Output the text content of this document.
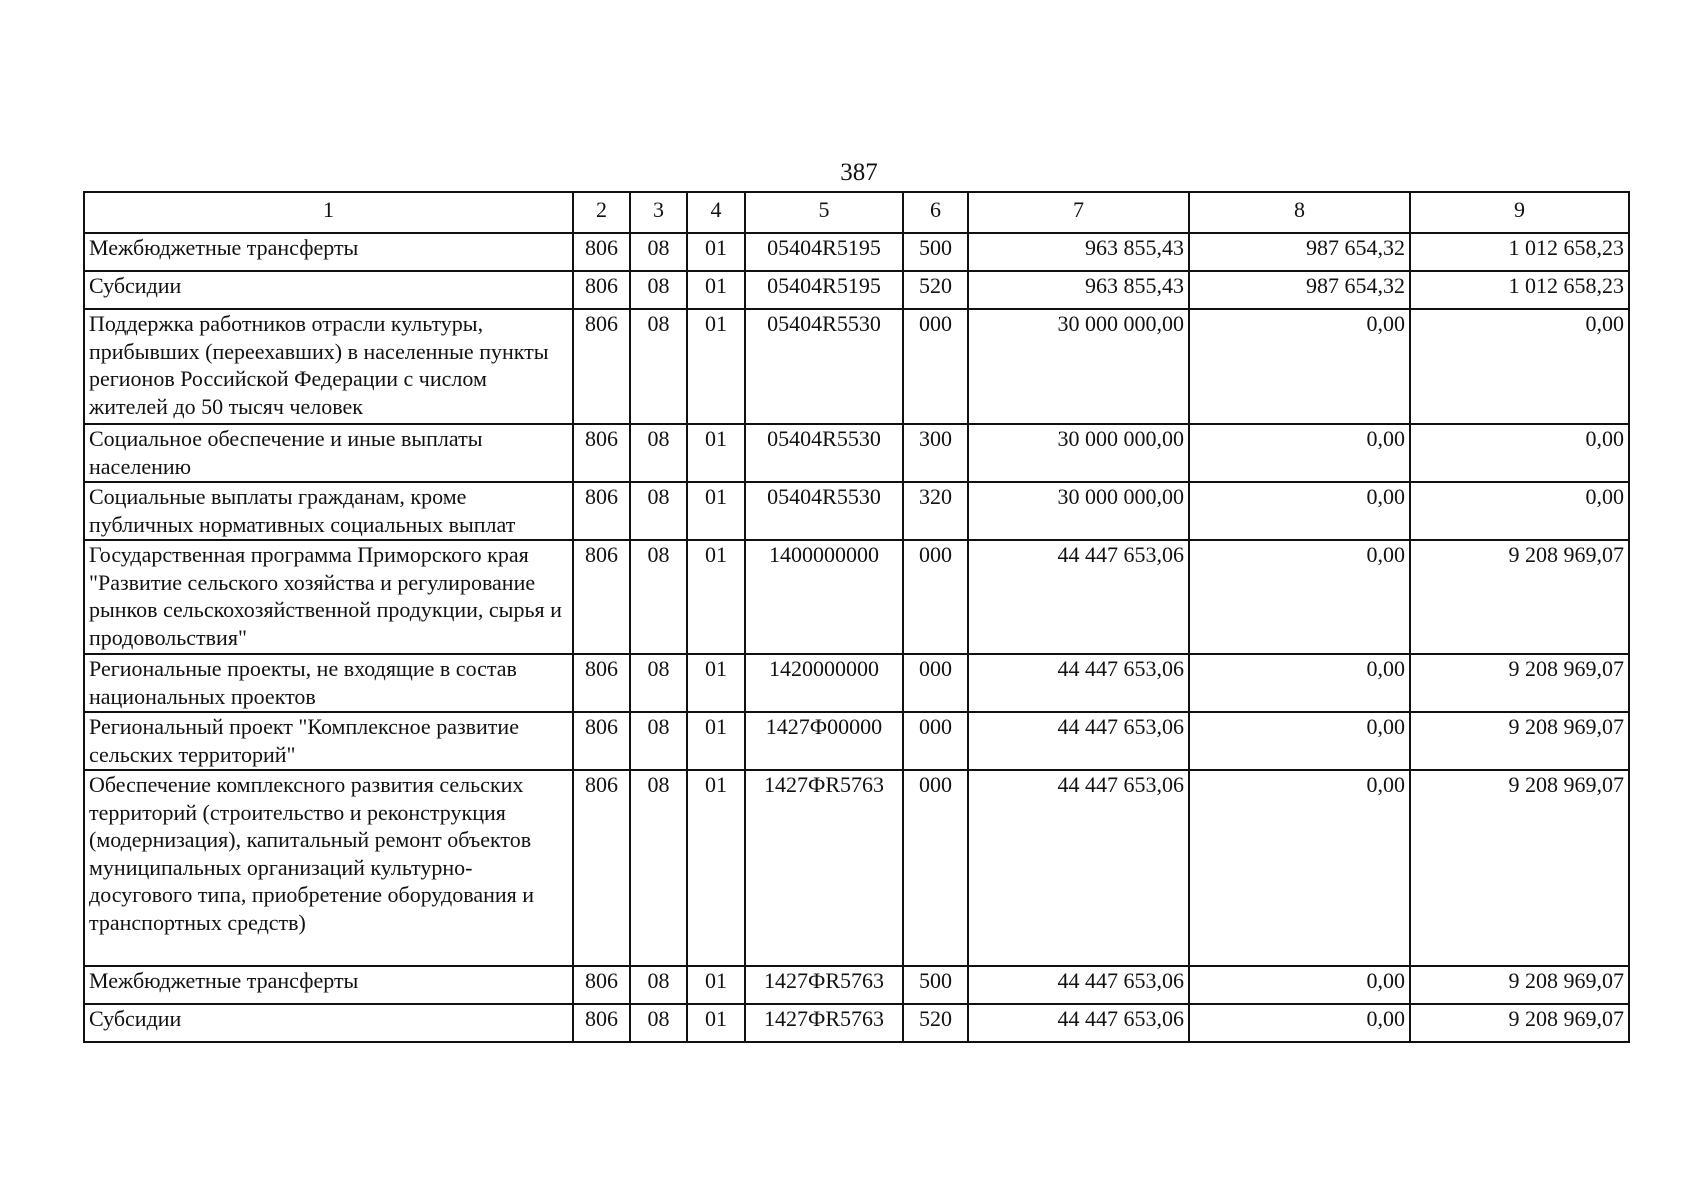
387
1	2	3	4	5	6	7	8	9
Межбюджетные трансферты	806	08	01	05404R5195	500	963 855,43	987 654,32	1 012 658,23
Субсидии	806	08	01	05404R5195	520	963 855,43	987 654,32	1 012 658,23
Поддержка работников отрасли культуры, прибывших (переехавших) в населенные пункты регионов Российской Федерации с числом жителей до 50 тысяч человек	806	08	01	05404R5530	000	30 000 000,00	0,00	0,00
Социальное обеспечение и иные выплаты населению	806	08	01	05404R5530	300	30 000 000,00	0,00	0,00
Социальные выплаты гражданам, кроме публичных нормативных социальных выплат	806	08	01	05404R5530	320	30 000 000,00	0,00	0,00
Государственная программа Приморского края "Развитие сельского хозяйства и регулирование рынков сельскохозяйственной продукции, сырья и продовольствия"	806	08	01	1400000000	000	44 447 653,06	0,00	9 208 969,07
Региональные проекты, не входящие в состав национальных проектов	806	08	01	1420000000	000	44 447 653,06	0,00	9 208 969,07
Региональный проект "Комплексное развитие сельских территорий"	806	08	01	1427Ф00000	000	44 447 653,06	0,00	9 208 969,07
Обеспечение комплексного развития сельских территорий (строительство и реконструкция (модернизация), капитальный ремонт объектов муниципальных организаций культурно-досугового типа, приобретение оборудования и транспортных средств)	806	08	01	1427ФR5763	000	44 447 653,06	0,00	9 208 969,07
Межбюджетные трансферты	806	08	01	1427ФR5763	500	44 447 653,06	0,00	9 208 969,07
Субсидии	806	08	01	1427ФR5763	520	44 447 653,06	0,00	9 208 969,07
